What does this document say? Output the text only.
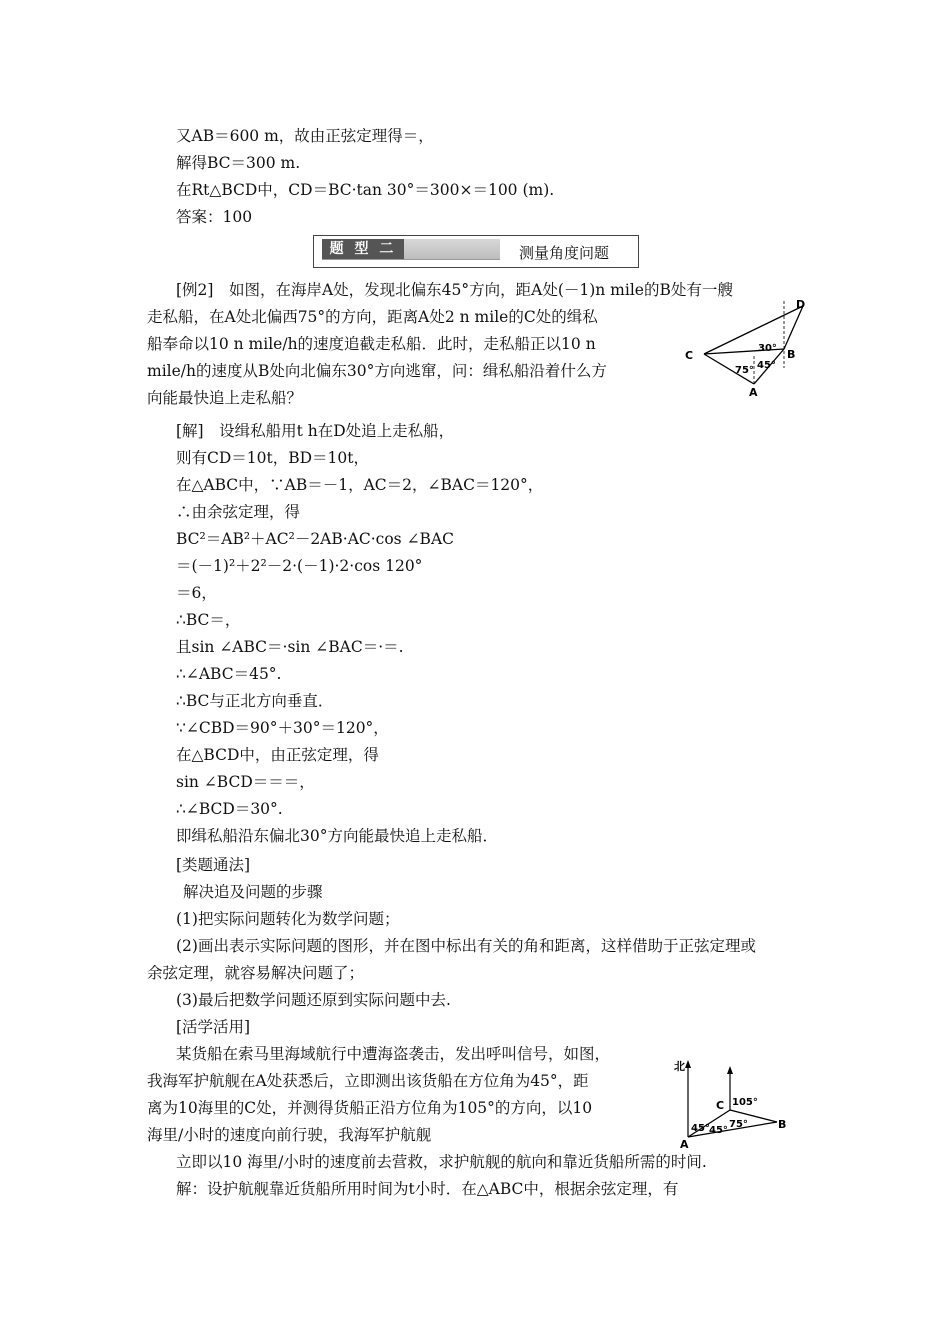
又AB＝600 m，故由正弦定理得＝，
解得BC＝300 m.
在Rt△BCD中，CD＝BC·tan 30°＝300×＝100 (m).
答案：100
题 型 二	测量角度问题
[例2]　如图，在海岸A处，发现北偏东45°方向，距A处(－1)n mile的B处有一艘
走私船，在A处北偏西75°的方向，距离A处2 n mile的C处的缉私
船奉命以10 n mile/h的速度追截走私船．此时，走私船正以10 n
mile/h的速度从B处向北偏东30°方向逃窜，问：缉私船沿着什么方
向能最快追上走私船？
D
C
30° B
75° 45°
A
[解]　设缉私船用t h在D处追上走私船，
则有CD＝10t，BD＝10t，
在△ABC中，∵AB＝－1，AC＝2，∠BAC＝120°，
∴由余弦定理，得
BC²＝AB²＋AC²－2AB·AC·cos ∠BAC
＝(－1)²＋2²－2·(－1)·2·cos 120°
＝6，
∴BC＝，
且sin ∠ABC＝·sin ∠BAC＝·＝.
∴∠ABC＝45°.
∴BC与正北方向垂直．
∵∠CBD＝90°＋30°＝120°，
在△BCD中，由正弦定理，得
sin ∠BCD＝＝＝，
∴∠BCD＝30°.
即缉私船沿东偏北30°方向能最快追上走私船．
[类题通法]
解决追及问题的步骤
(1)把实际问题转化为数学问题；
(2)画出表示实际问题的图形，并在图中标出有关的角和距离，这样借助于正弦定理或
余弦定理，就容易解决问题了；
(3)最后把数学问题还原到实际问题中去.
[活学活用]
某货船在索马里海域航行中遭海盗袭击，发出呼叫信号，如图，
我海军护航舰在A处获悉后，立即测出该货船在方位角为45°，距
离为10海里的C处，并测得货船正沿方位角为105°的方向，以10
海里/小时的速度向前行驶，我海军护航舰
立即以10 海里/小时的速度前去营救，求护航舰的航向和靠近货船所需的时间.
解：设护航舰靠近货船所用时间为t小时．在△ABC中，根据余弦定理，有
北
C 105°
45° 45°
75°	B
A
